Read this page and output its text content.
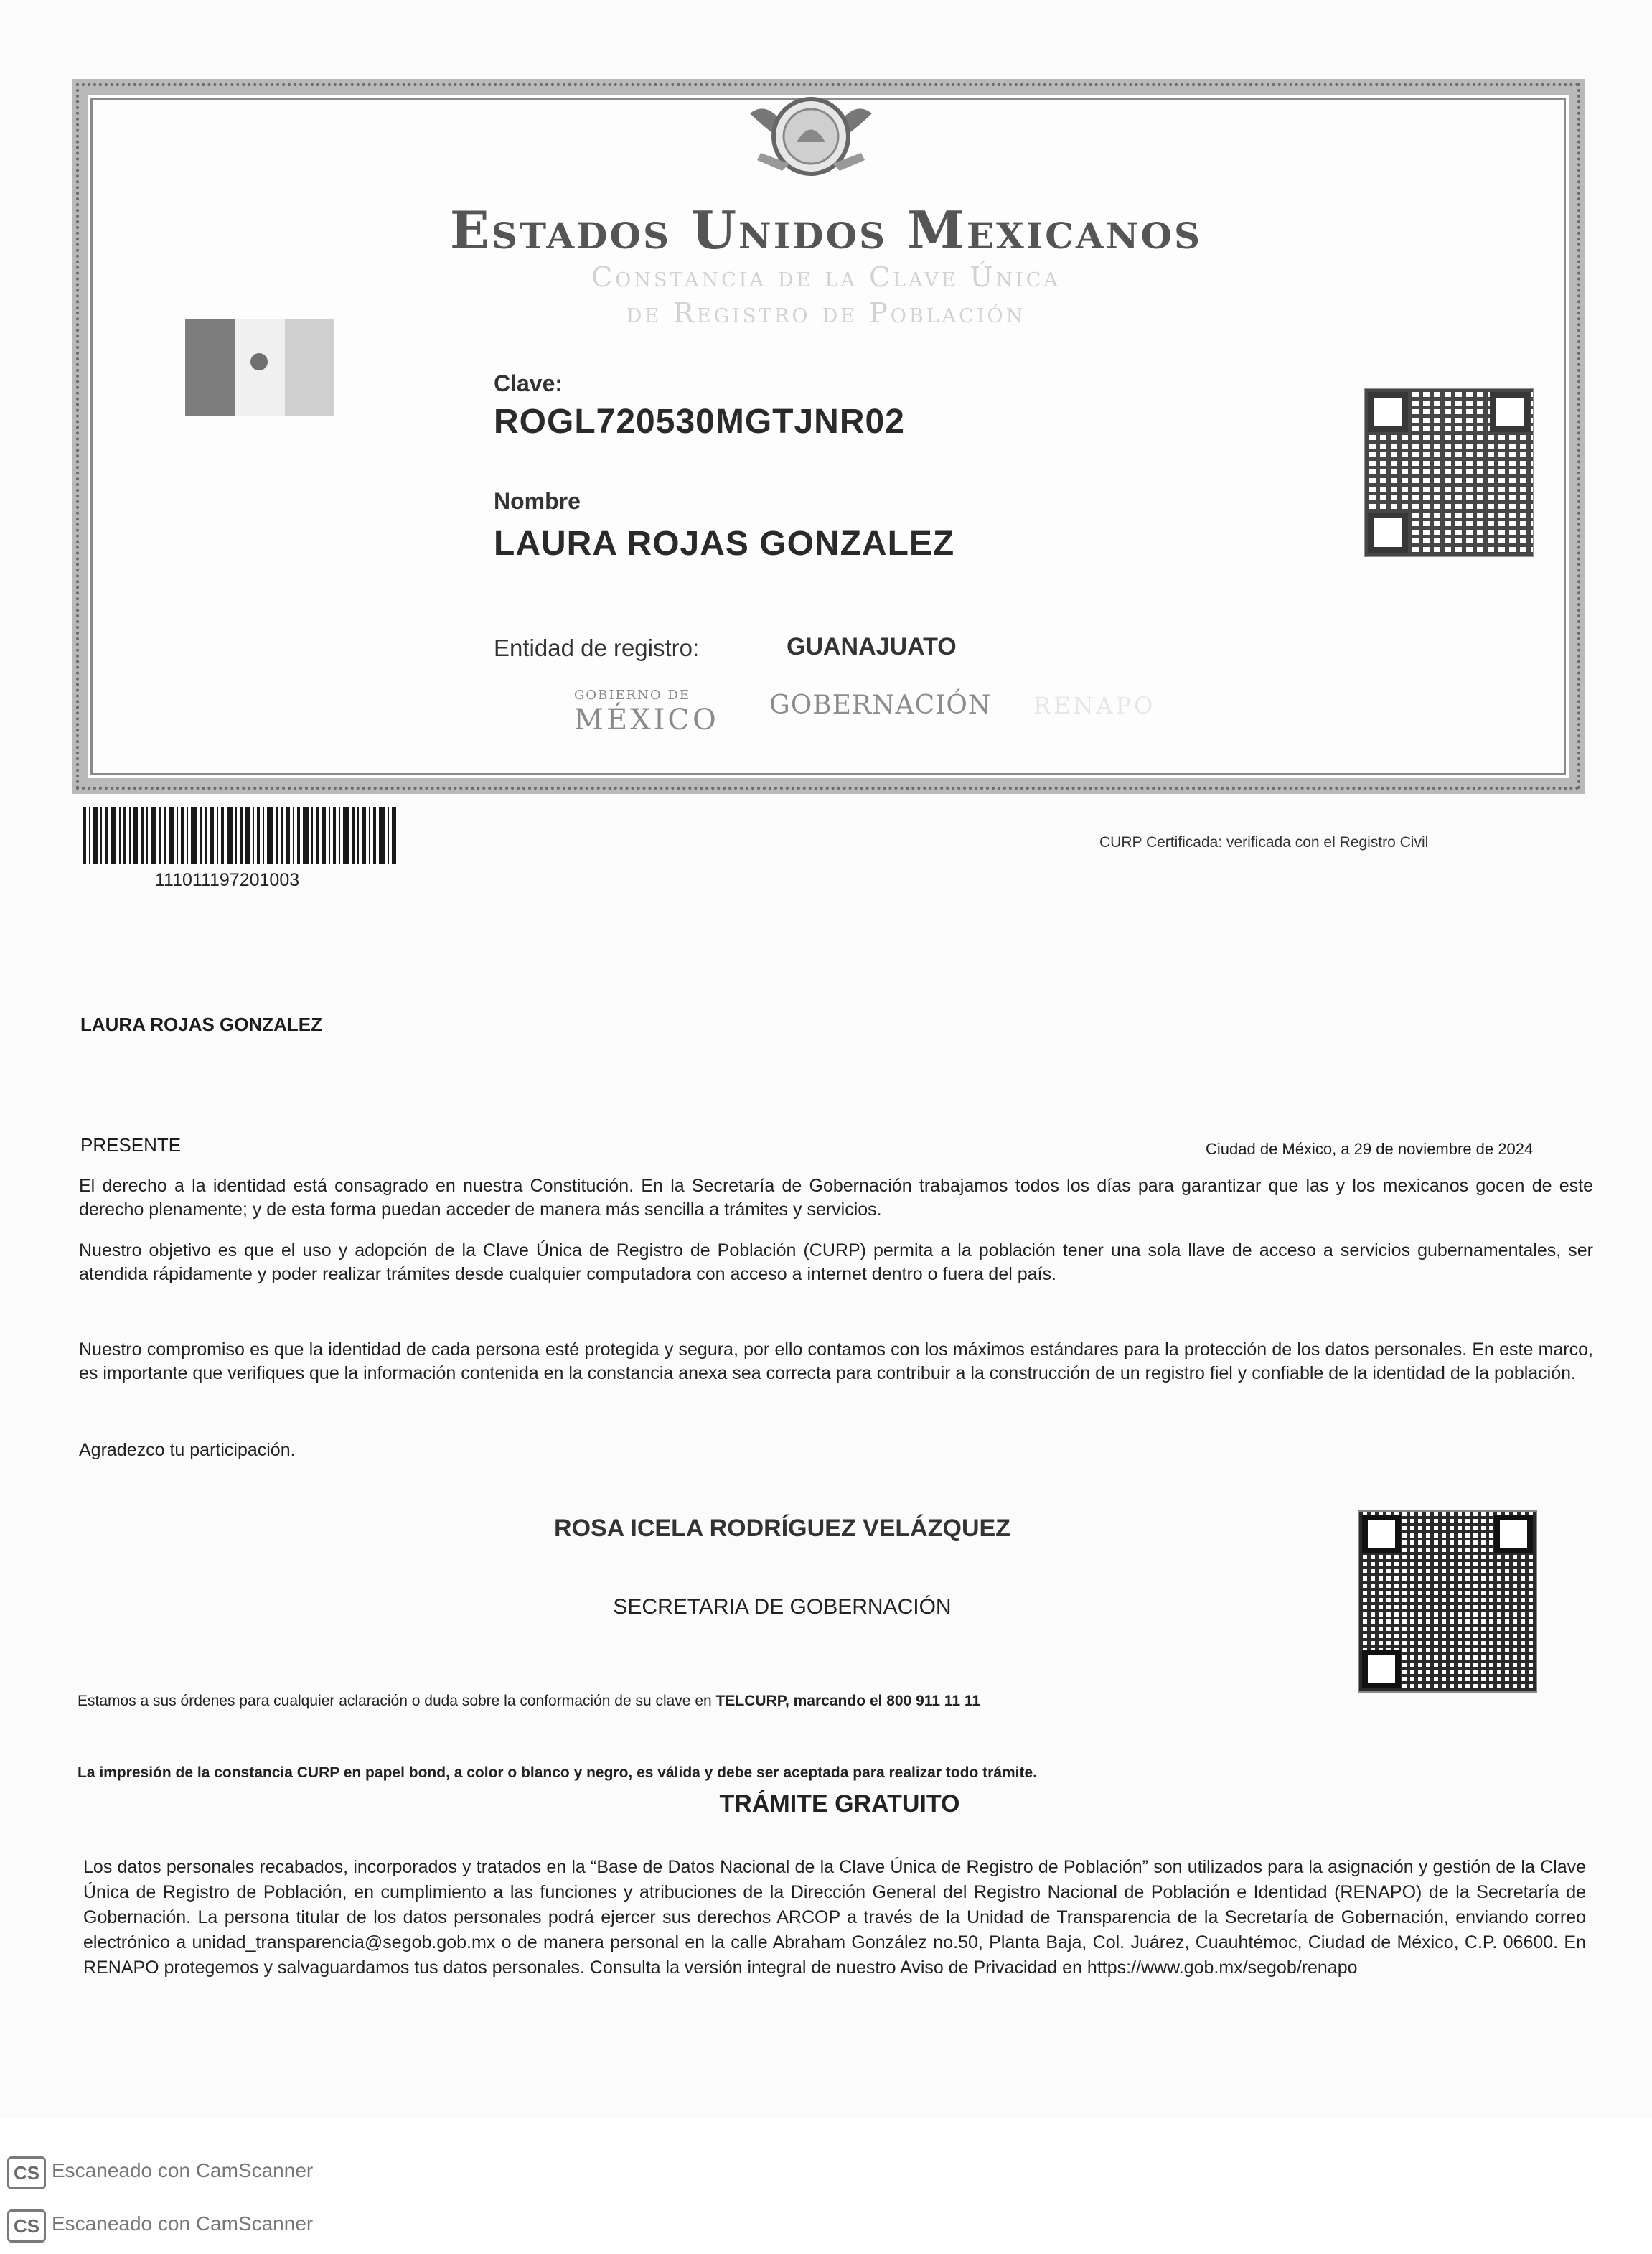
Estados Unidos Mexicanos
Constancia de la Clave Única
de Registro de Población
Clave:
ROGL720530MGTJNR02
Nombre
LAURA ROJAS GONZALEZ
Entidad de registro:	GUANAJUATO
GOBIERNO DE
MÉXICO GOBERNACIÓN RENAPO
111011197201003
CURP Certificada: verificada con el Registro Civil
LAURA ROJAS GONZALEZ
PRESENTE	Ciudad de México, a 29 de noviembre de 2024
El derecho a la identidad está consagrado en nuestra Constitución. En la Secretaría de Gobernación trabajamos todos los días para garantizar que las y los mexicanos gocen de este derecho plenamente; y de esta forma puedan acceder de manera más sencilla a trámites y servicios.
Nuestro objetivo es que el uso y adopción de la Clave Única de Registro de Población (CURP) permita a la población tener una sola llave de acceso a servicios gubernamentales, ser atendida rápidamente y poder realizar trámites desde cualquier computadora con acceso a internet dentro o fuera del país.
Nuestro compromiso es que la identidad de cada persona esté protegida y segura, por ello contamos con los máximos estándares para la protección de los datos personales. En este marco, es importante que verifiques que la información contenida en la constancia anexa sea correcta para contribuir a la construcción de un registro fiel y confiable de la identidad de la población.
Agradezco tu participación.
ROSA ICELA RODRÍGUEZ VELÁZQUEZ
SECRETARIA DE GOBERNACIÓN
Estamos a sus órdenes para cualquier aclaración o duda sobre la conformación de su clave en TELCURP, marcando el 800 911 11 11
La impresión de la constancia CURP en papel bond, a color o blanco y negro, es válida y debe ser aceptada para realizar todo trámite.
TRÁMITE GRATUITO
Los datos personales recabados, incorporados y tratados en la “Base de Datos Nacional de la Clave Única de Registro de Población” son utilizados para la asignación y gestión de la Clave Única de Registro de Población, en cumplimiento a las funciones y atribuciones de la Dirección General del Registro Nacional de Población e Identidad (RENAPO) de la Secretaría de Gobernación. La persona titular de los datos personales podrá ejercer sus derechos ARCOP a través de la Unidad de Transparencia de la Secretaría de Gobernación, enviando correo electrónico a unidad_transparencia@segob.gob.mx o de manera personal en la calle Abraham González no.50, Planta Baja, Col. Juárez, Cuauhtémoc, Ciudad de México, C.P. 06600. En RENAPO protegemos y salvaguardamos tus datos personales. Consulta la versión integral de nuestro Aviso de Privacidad en https://www.gob.mx/segob/renapo
CS Escaneado con CamScanner
CS Escaneado con CamScanner
